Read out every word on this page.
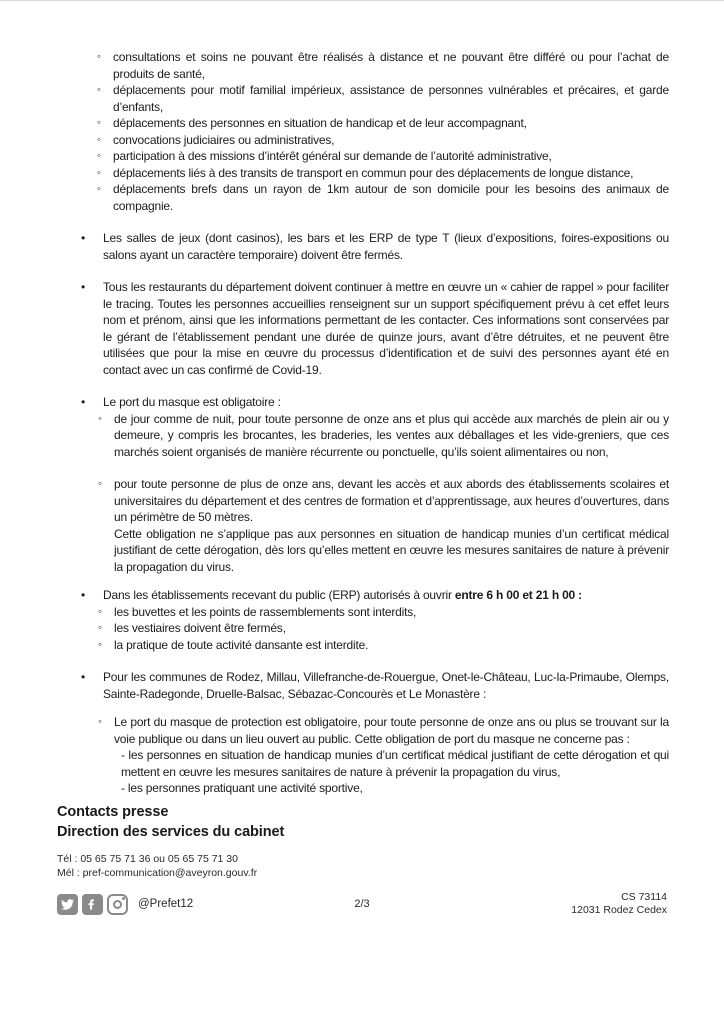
◦	consultations et soins ne pouvant être réalisés à distance et ne pouvant être différé ou pour l’achat de produits de santé,

◦	déplacements pour motif familial impérieux, assistance de personnes vulnérables et précaires, et garde d’enfants,

◦	déplacements des personnes en situation de handicap et de leur accompagnant,

◦	convocations judiciaires ou administratives,

◦	participation à des missions d’intérêt général sur demande de l’autorité administrative,

◦	déplacements liés à des transits de transport en commun pour des déplacements de longue distance,

◦	déplacements brefs dans un rayon de 1km autour de son domicile pour les besoins des animaux de compagnie.

•	Les salles de jeux (dont casinos), les bars et les ERP de type T (lieux d’expositions, foires-expositions ou salons ayant un caractère temporaire) doivent être fermés.

•	Tous les restaurants du département doivent continuer à mettre en œuvre un « cahier de rappel » pour faciliter le tracing. Toutes les personnes accueillies renseignent sur un support spécifiquement prévu à cet effet leurs nom et prénom, ainsi que les informations permettant de les contacter. Ces informations sont conservées par le gérant de l’établissement pendant une durée de quinze jours, avant d’être détruites, et ne peuvent être utilisées que pour la mise en œuvre du processus d’identification et de suivi des personnes ayant été en contact avec un cas confirmé de Covid-19.

•	Le port du masque est obligatoire :

◦	de jour comme de nuit, pour toute personne de onze ans et plus qui accède aux marchés de plein air ou y demeure, y compris les brocantes, les braderies, les ventes aux déballages et les vide-greniers, que ces marchés soient organisés de manière récurrente ou ponctuelle, qu’ils soient alimentaires ou non,

◦	pour toute personne de plus de onze ans, devant les accès et aux abords des établissements scolaires et universitaires du département et des centres de formation et d’apprentissage, aux heures d’ouvertures, dans un périmètre de 50 mètres.

Cette obligation ne s’applique pas aux personnes en situation de handicap munies d’un certificat médical justifiant de cette dérogation, dès lors qu’elles mettent en œuvre les mesures sanitaires de nature à prévenir la propagation du virus.

•	Dans les établissements recevant du public (ERP) autorisés à ouvrir entre 6 h 00 et 21 h 00 :

◦	les buvettes et les points de rassemblements sont interdits,

◦	les vestiaires doivent être fermés,

◦	la pratique de toute activité dansante est interdite.

•	Pour les communes de Rodez, Millau, Villefranche-de-Rouergue, Onet-le-Château, Luc-la-Primaube, Olemps, Sainte-Radegonde, Druelle-Balsac, Sébazac-Concourès et Le Monastère :

◦	Le port du masque de protection est obligatoire, pour toute personne de onze ans ou plus se trouvant sur la voie publique ou dans un lieu ouvert au public. Cette obligation de port du masque ne concerne pas :

- les personnes en situation de handicap munies d’un certificat médical justifiant de cette dérogation et qui mettent en œuvre les mesures sanitaires de nature à prévenir la propagation du virus,

- les personnes pratiquant une activité sportive,

Contacts presse
Direction des services du cabinet

Tél : 05 65 75 71 36 ou 05 65 75 71 30

Mél : pref-communication@aveyron.gouv.fr

@Prefet12	2/3

CS 73114

12031 Rodez Cedex
